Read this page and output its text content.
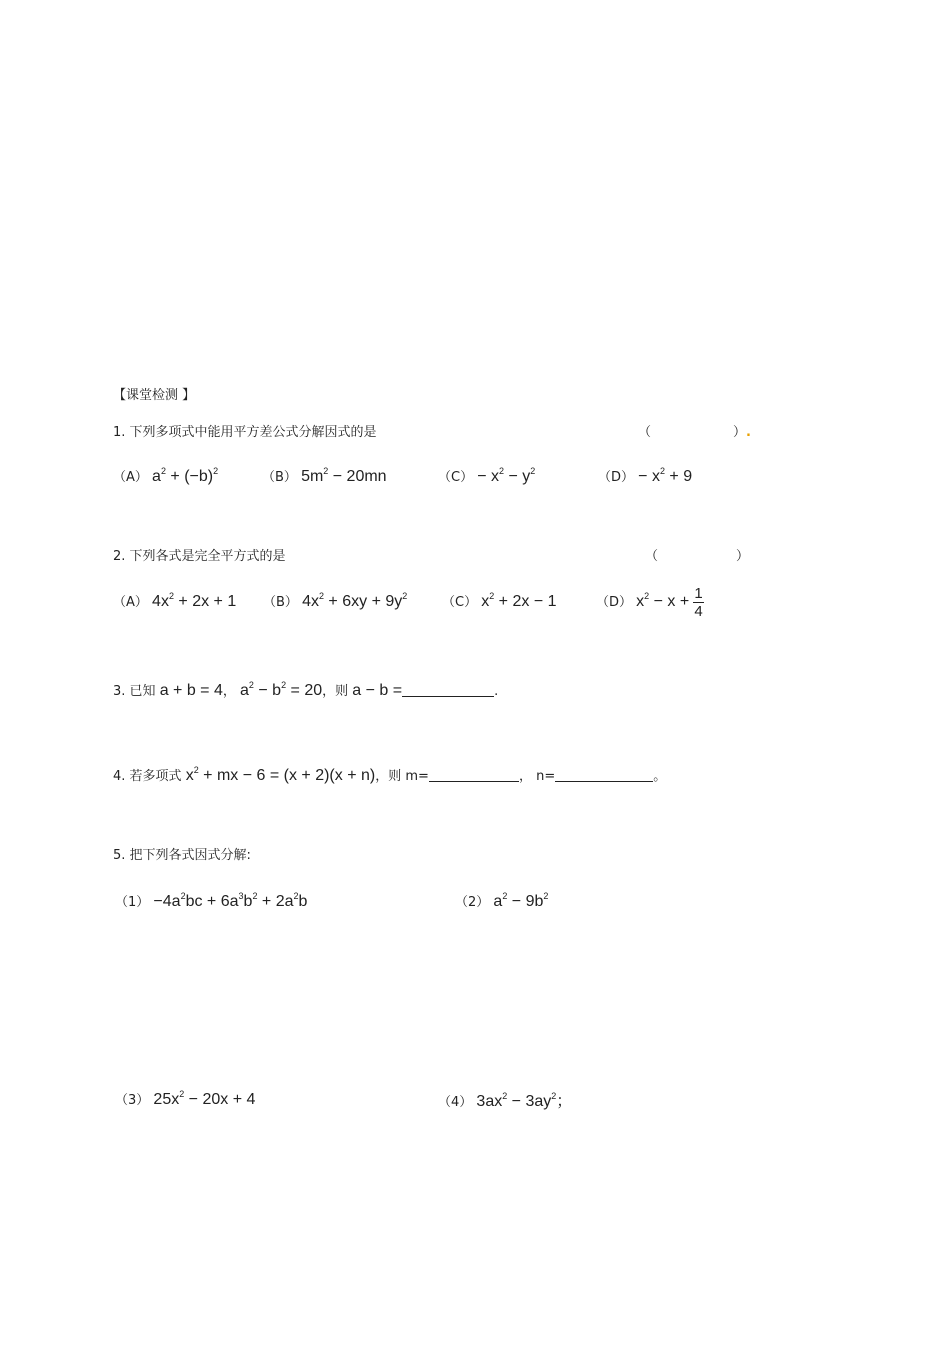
【课堂检测 】
1. 下列多项式中能用平方差公式分解因式的是	（	）.
（A） $a^2 + (-b)^2$	（B） $5m^2 - 20mn$	$(C) - x^2 - y^2$	$(D) - x^2 + 9$
2. 下列各式是完全平方式的是	（	）
（A） $4x^2 + 2x + 1$ （B） $4x^2 + 6xy + 9y^2$	（C） $x^2 + 2x - 1$	（D） $x^2 - x + \frac{1}{4}$
3. 已知 a + b = 4， $a^2 - b^2 = 20$，则 a − b =	.
4. 若多项式 $x^2$ + mx − 6 = (x + 2)(x + n)，则 m=	， n=	。
5. 把下列各式因式分解:
$(1) -4a^2bc + 6a^3b^2 + 2a^2b$	（2） $a^2 - 9b^2$
（3） $25x^2 - 20x + 4$	（4） $3ax^2 - 3ay^2$；
